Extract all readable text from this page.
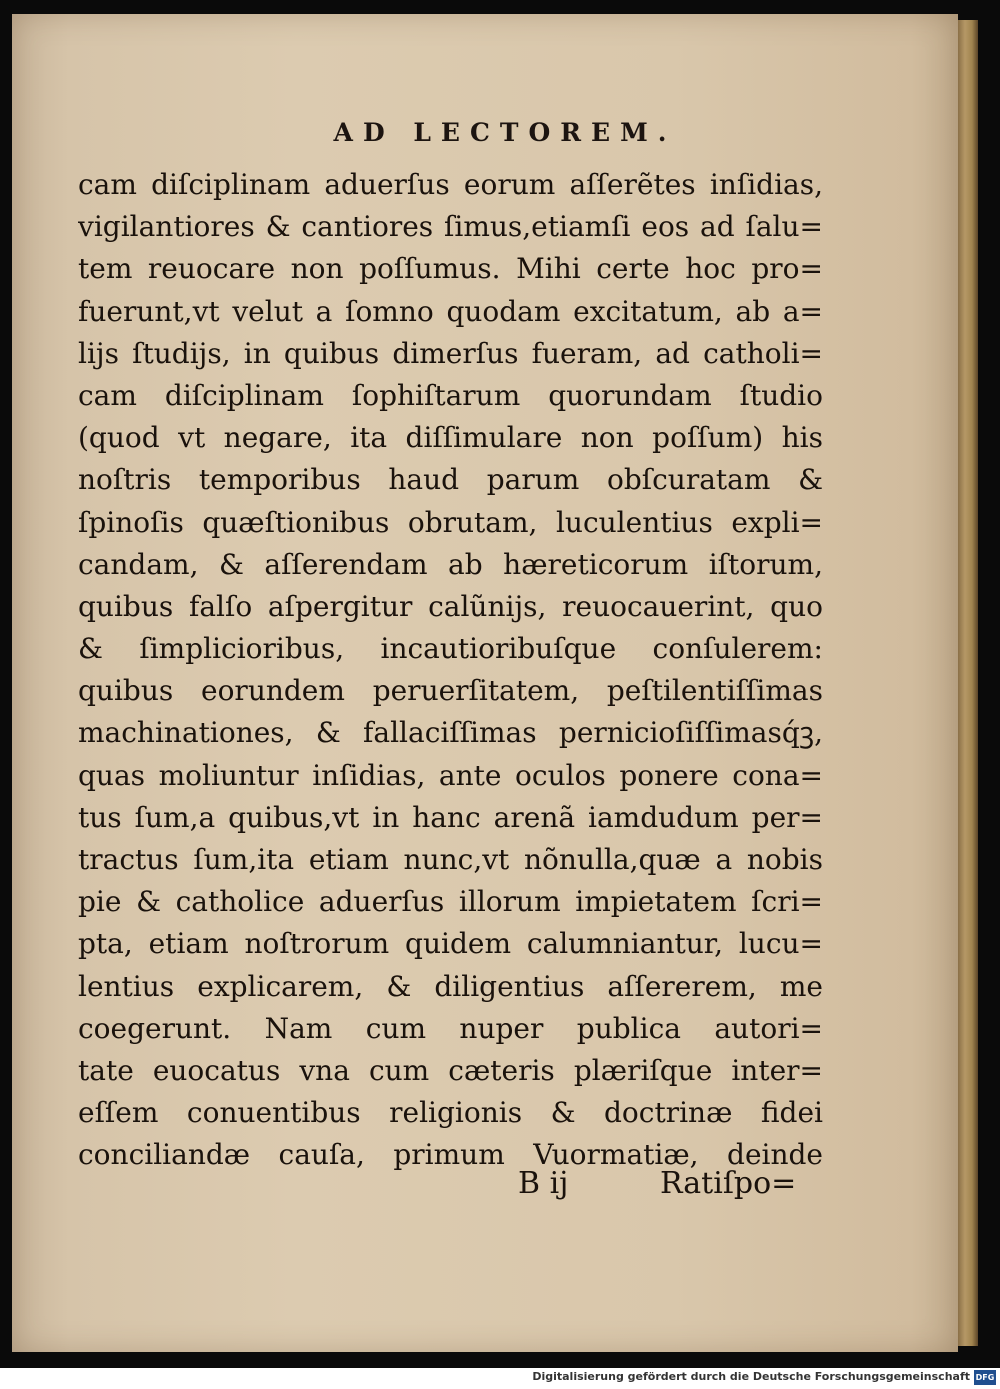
AD LECTOREM.
cam diſciplinam aduerſus eorum aſſerẽtes inſidias,
vigilantiores & cantiores ſimus,etiamſi eos ad ſalu=
tem reuocare non poſſumus. Mihi certe hoc pro=
fuerunt,vt velut a ſomno quodam excitatum, ab a=
lijs ſtudijs, in quibus dimerſus fueram, ad catholi=
cam diſciplinam ſophiſtarum quorundam ſtudio
(quod vt negare, ita diſſimulare non poſſum) his
noſtris temporibus haud parum obſcuratam &
ſpinoſis quæſtionibus obrutam, luculentius expli=
candam, & aſſerendam ab hæreticorum iſtorum,
quibus falſo aſpergitur calũnijs, reuocauerint, quo
& ſimplicioribus, incautioribuſque conſulerem:
quibus eorundem peruerſitatem, peſtilentiſſimas
machinationes, & fallaciſſimas pernicioſiſſimasq́ꝫ,
quas moliuntur inſidias, ante oculos ponere cona=
tus ſum,a quibus,vt in hanc arenã iamdudum per=
tractus ſum,ita etiam nunc,vt nõnulla,quæ a nobis
pie & catholice aduerſus illorum impietatem ſcri=
pta, etiam noſtrorum quidem calumniantur, lucu=
lentius explicarem, & diligentius aſſererem, me
coegerunt. Nam cum nuper publica autori=
tate euocatus vna cum cæteris plæriſque inter=
eſſem conuentibus religionis & doctrinæ fidei
conciliandæ cauſa, primum Vuormatiæ, deinde
B ij	Ratiſpo=
Digitalisierung gefördert durch die Deutsche Forschungsgemeinschaft DFG
